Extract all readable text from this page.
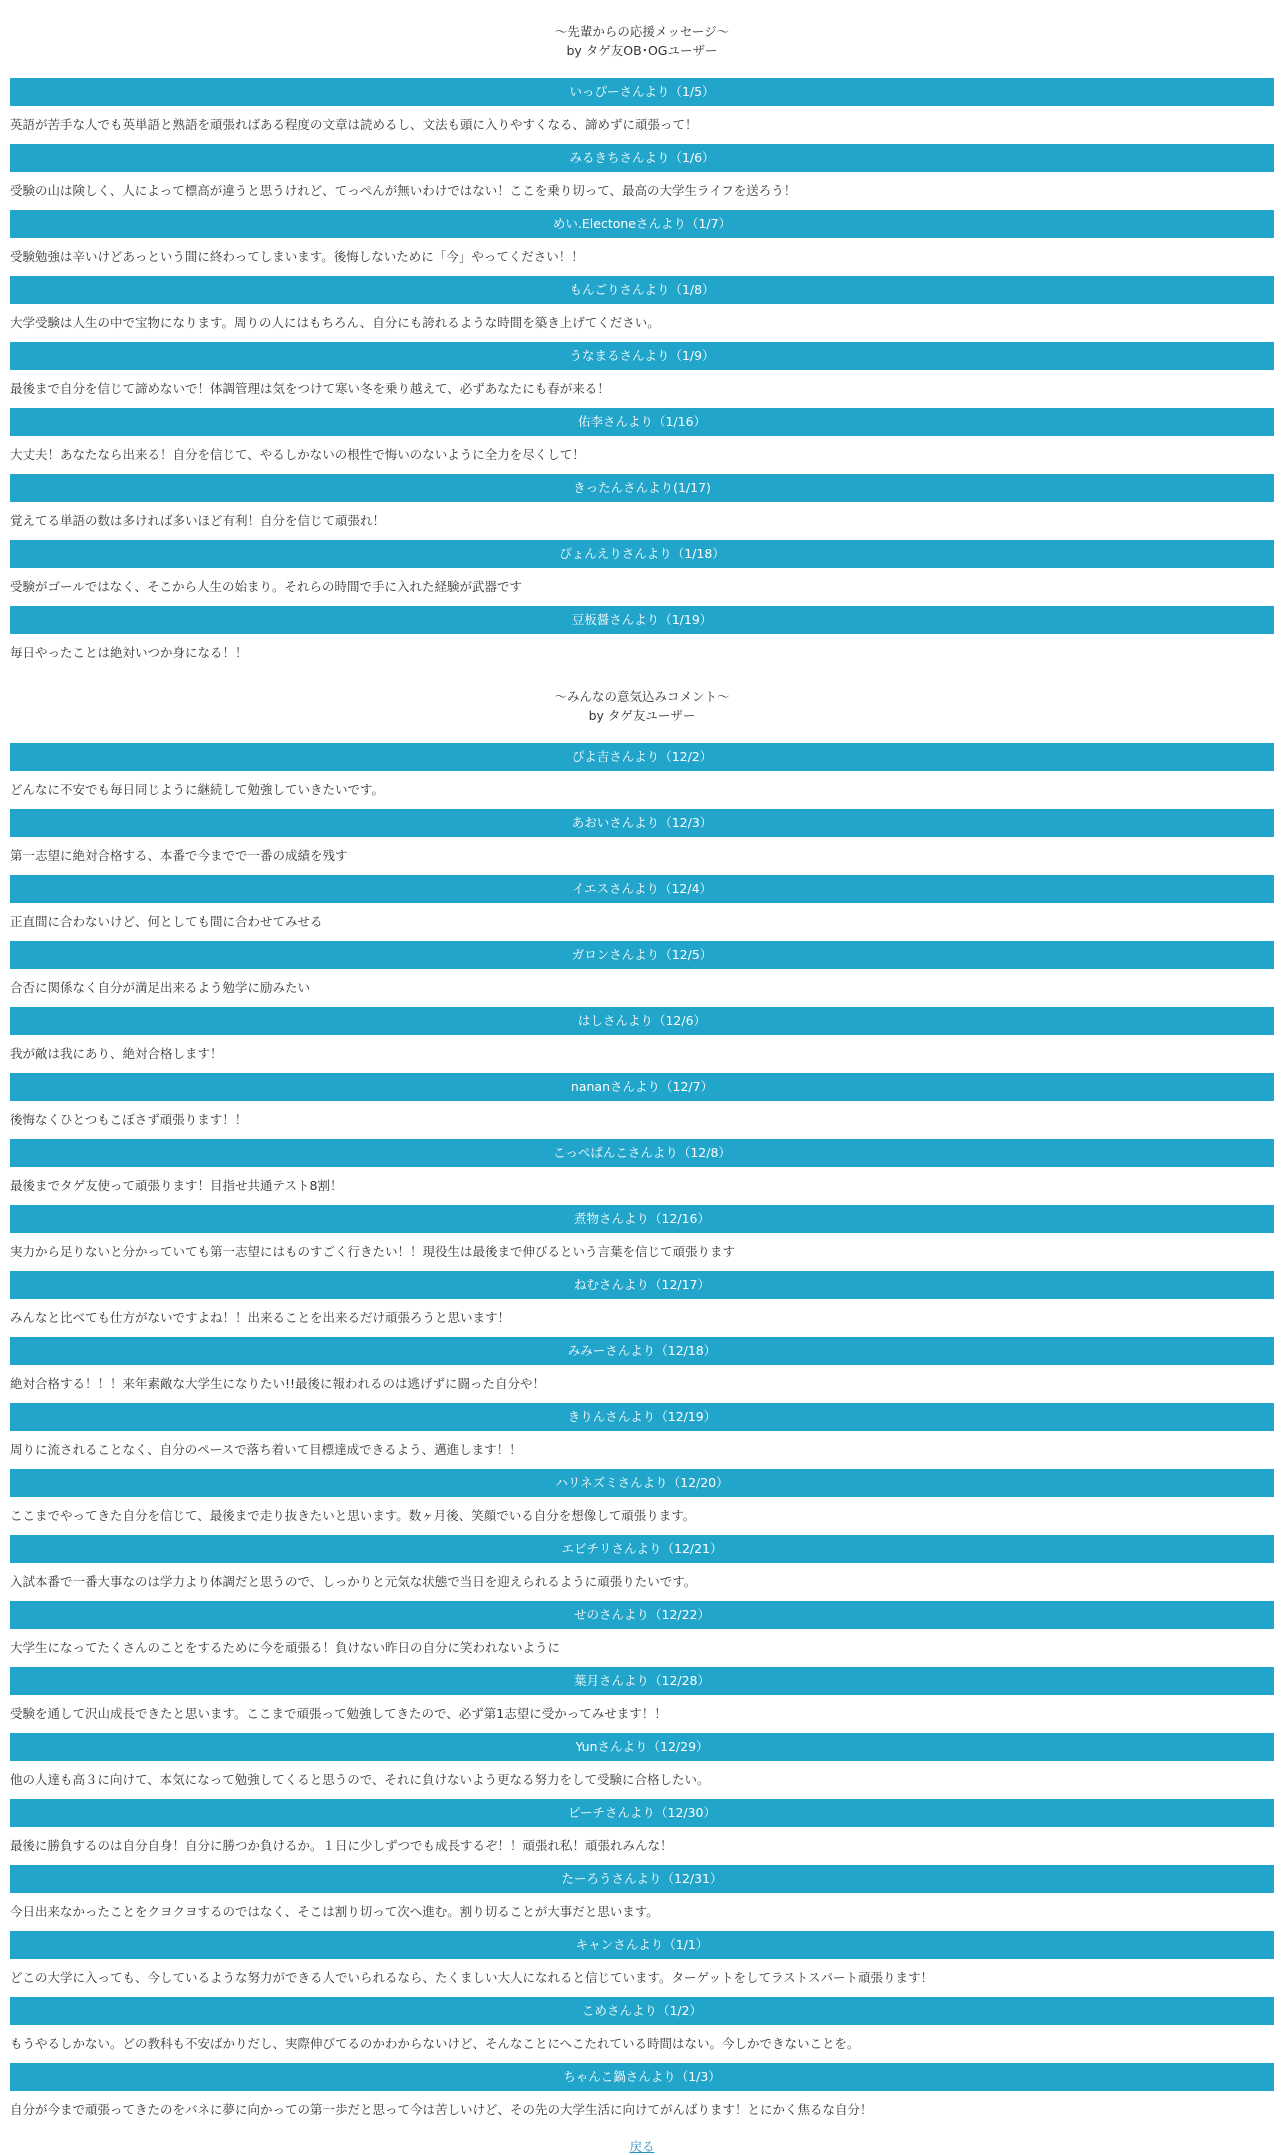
～先輩からの応援メッセージ～
by タゲ友OB･OGユーザー
いっぴーさんより（1/5）
英語が苦手な人でも英単語と熟語を頑張ればある程度の文章は読めるし、文法も頭に入りやすくなる、諦めずに頑張って！
みるきちさんより（1/6）
受験の山は険しく、人によって標高が違うと思うけれど、てっぺんが無いわけではない！ここを乗り切って、最高の大学生ライフを送ろう！
めい.Electoneさんより（1/7）
受験勉強は辛いけどあっという間に終わってしまいます。後悔しないために「今」やってください！！
もんごりさんより（1/8）
大学受験は人生の中で宝物になります。周りの人にはもちろん、自分にも誇れるような時間を築き上げてください。
うなまるさんより（1/9）
最後まで自分を信じて諦めないで！体調管理は気をつけて寒い冬を乗り越えて、必ずあなたにも春が来る！
佑李さんより（1/16）
大丈夫！あなたなら出来る！自分を信じて、やるしかないの根性で悔いのないように全力を尽くして！
きったんさんより(1/17)
覚えてる単語の数は多ければ多いほど有利！自分を信じて頑張れ！
ぴょんえりさんより（1/18）
受験がゴールではなく、そこから人生の始まり。それらの時間で手に入れた経験が武器です
豆板醤さんより（1/19）
毎日やったことは絶対いつか身になる！！
～みんなの意気込みコメント～
by タゲ友ユーザー
ぴよ吉さんより（12/2）
どんなに不安でも毎日同じように継続して勉強していきたいです。
あおいさんより（12/3）
第一志望に絶対合格する、本番で今までで一番の成績を残す
イエスさんより（12/4）
正直間に合わないけど、何としても間に合わせてみせる
ガロンさんより（12/5）
合否に関係なく自分が満足出来るよう勉学に励みたい
はしさんより（12/6）
我が敵は我にあり、絶対合格します！
nananさんより（12/7）
後悔なくひとつもこぼさず頑張ります！！
こっぺぱんこさんより（12/8）
最後までタゲ友使って頑張ります！目指せ共通テスト8割！
煮物さんより（12/16）
実力から足りないと分かっていても第一志望にはものすごく行きたい！！現役生は最後まで伸びるという言葉を信じて頑張ります
ねむさんより（12/17）
みんなと比べても仕方がないですよね！！出来ることを出来るだけ頑張ろうと思います！
みみーさんより（12/18）
絶対合格する！！！来年素敵な大学生になりたい!!最後に報われるのは逃げずに闘った自分や！
きりんさんより（12/19）
周りに流されることなく、自分のペースで落ち着いて目標達成できるよう、邁進します！！
ハリネズミさんより（12/20）
ここまでやってきた自分を信じて、最後まで走り抜きたいと思います。数ヶ月後、笑顔でいる自分を想像して頑張ります。
エビチリさんより（12/21）
入試本番で一番大事なのは学力より体調だと思うので、しっかりと元気な状態で当日を迎えられるように頑張りたいです。
せのさんより（12/22）
大学生になってたくさんのことをするために今を頑張る！負けない昨日の自分に笑われないように
葉月さんより（12/28）
受験を通して沢山成長できたと思います。ここまで頑張って勉強してきたので、必ず第1志望に受かってみせます！！
Yunさんより（12/29）
他の人達も高３に向けて、本気になって勉強してくると思うので、それに負けないよう更なる努力をして受験に合格したい。
ピーチさんより（12/30）
最後に勝負するのは自分自身！自分に勝つか負けるか。１日に少しずつでも成長するぞ！！頑張れ私！頑張れみんな！
たーろうさんより（12/31）
今日出来なかったことをクヨクヨするのではなく、そこは割り切って次へ進む。割り切ることが大事だと思います。
キャンさんより（1/1）
どこの大学に入っても、今しているような努力ができる人でいられるなら、たくましい大人になれると信じています。ターゲットをしてラストスパート頑張ります！
こめさんより（1/2）
もうやるしかない。どの教科も不安ばかりだし、実際伸びてるのかわからないけど、そんなことにへこたれている時間はない。今しかできないことを。
ちゃんこ鍋さんより（1/3）
自分が今まで頑張ってきたのをバネに夢に向かっての第一歩だと思って今は苦しいけど、その先の大学生活に向けてがんばります！とにかく焦るな自分！
戻る
